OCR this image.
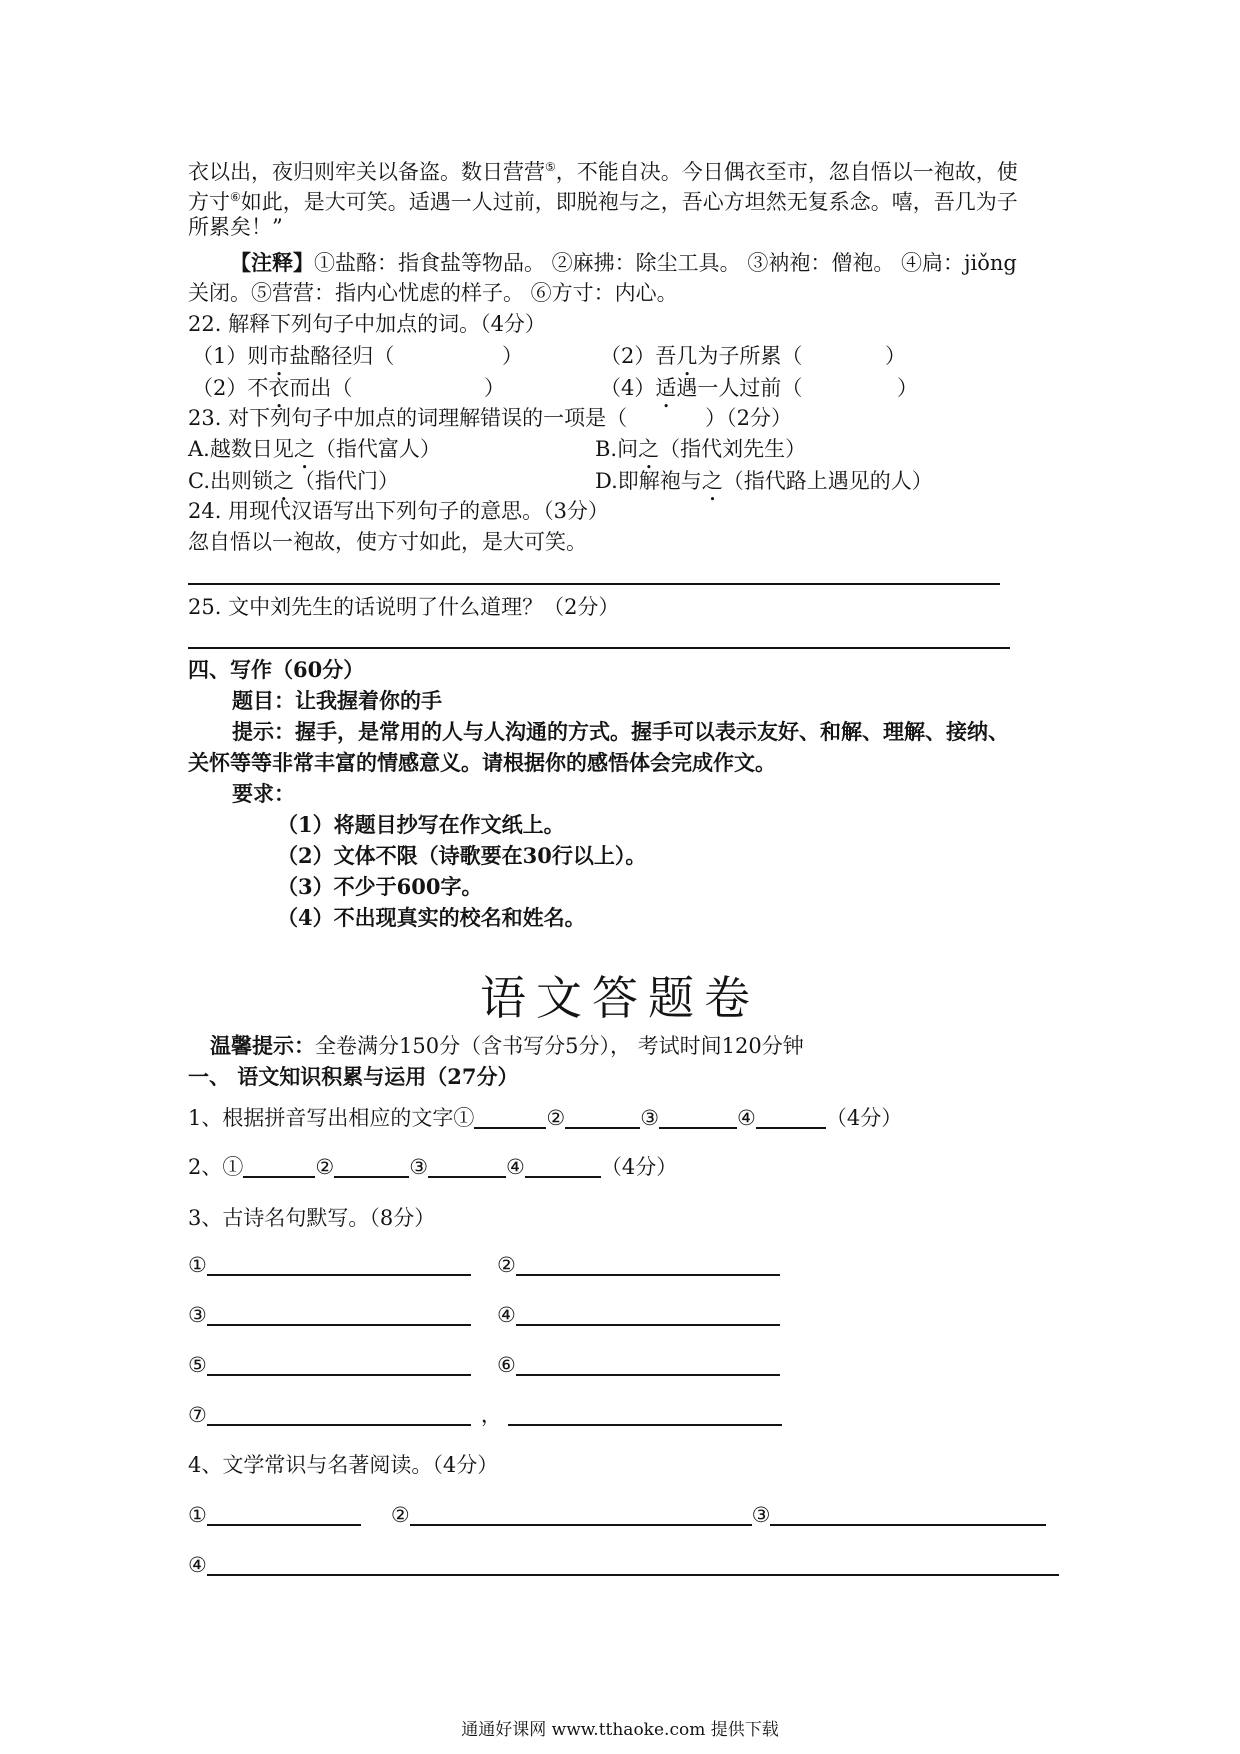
衣以出，夜归则牢关以备盗。数日营营⑤，不能自决。今日偶衣至市，忽自悟以一袍故，使
方寸⑥如此，是大可笑。适遇一人过前，即脱袍与之，吾心方坦然无复系念。嘻，吾几为子
所累矣！”
【注释】①盐酪：指食盐等物品。 ②麻拂：除尘工具。 ③衲袍：僧袍。 ④扃：jiǒng
关闭。⑤营营：指内心忧虑的样子。 ⑥方寸：内心。
22. 解释下列句子中加点的词。（4分）
（1）则市盐酪径归（	）	（2）吾几为子所累（	）
（2）不衣而出（	）	（4）适遇一人过前（	）
23. 对下列句子中加点的词理解错误的一项是（	）（2分）
A.越数日见之（指代富人）	B.问之（指代刘先生）
C.出则锁之（指代门）	D.即解袍与之（指代路上遇见的人）
24. 用现代汉语写出下列句子的意思。（3分）
忽自悟以一袍故，使方寸如此，是大可笑。
25. 文中刘先生的话说明了什么道理？（2分）
四、写作（60分）
题目：让我握着你的手
提示：握手，是常用的人与人沟通的方式。握手可以表示友好、和解、理解、接纳、
关怀等等非常丰富的情感意义。请根据你的感悟体会完成作文。
要求：
（1）将题目抄写在作文纸上。
（2）文体不限（诗歌要在30行以上）。
（3）不少于600字。
（4）不出现真实的校名和姓名。
语文答题卷
温馨提示：全卷满分150分（含书写分5分）， 考试时间120分钟
一、 语文知识积累与运用（27分）
1、根据拼音写出相应的文字①	②	③	④	（4分）
2、①	②	③	④	（4分）
3、古诗名句默写。（8分）
①	②
③	④
⑤	⑥
⑦	，
4、文学常识与名著阅读。（4分）
①	②	③
④
通通好课网 www.tthaoke.com 提供下载
